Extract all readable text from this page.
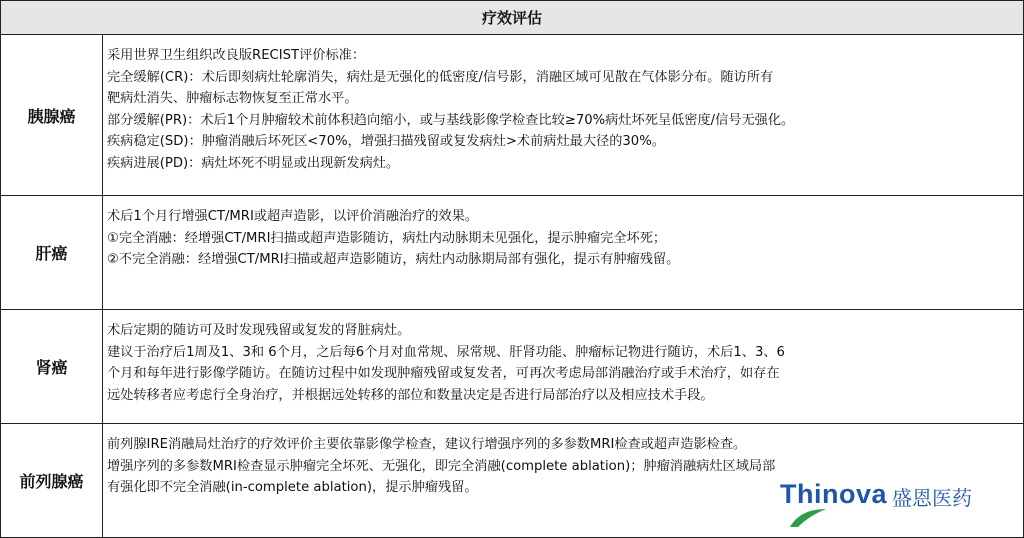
疗效评估
胰腺癌
采用世界卫生组织改良版RECIST评价标准：
完全缓解(CR)：术后即刻病灶轮廓消失，病灶是无强化的低密度/信号影，消融区域可见散在气体影分布。随访所有
靶病灶消失、肿瘤标志物恢复至正常水平。
部分缓解(PR)：术后1个月肿瘤较术前体积趋向缩小，或与基线影像学检查比较≥70%病灶坏死呈低密度/信号无强化。
疾病稳定(SD)：肿瘤消融后坏死区<70%，增强扫描残留或复发病灶>术前病灶最大径的30%。
疾病进展(PD)：病灶坏死不明显或出现新发病灶。
肝癌
术后1个月行增强CT/MRI或超声造影，以评价消融治疗的效果。
①完全消融：经增强CT/MRI扫描或超声造影随访，病灶内动脉期未见强化，提示肿瘤完全坏死；
②不完全消融：经增强CT/MRI扫描或超声造影随访，病灶内动脉期局部有强化，提示有肿瘤残留。
肾癌
术后定期的随访可及时发现残留或复发的肾脏病灶。
建议于治疗后1周及1、3和 6个月，之后每6个月对血常规、尿常规、肝肾功能、肿瘤标记物进行随访，术后1、3、6
个月和每年进行影像学随访。在随访过程中如发现肿瘤残留或复发者，可再次考虑局部消融治疗或手术治疗，如存在
远处转移者应考虑行全身治疗，并根据远处转移的部位和数量决定是否进行局部治疗以及相应技术手段。
前列腺癌
前列腺IRE消融局灶治疗的疗效评价主要依靠影像学检查，建议行增强序列的多参数MRI检查或超声造影检查。
增强序列的多参数MRI检查显示肿瘤完全坏死、无强化，即完全消融(complete ablation)；肿瘤消融病灶区域局部
有强化即不完全消融(in-complete ablation)，提示肿瘤残留。	Thinova 盛恩医药
